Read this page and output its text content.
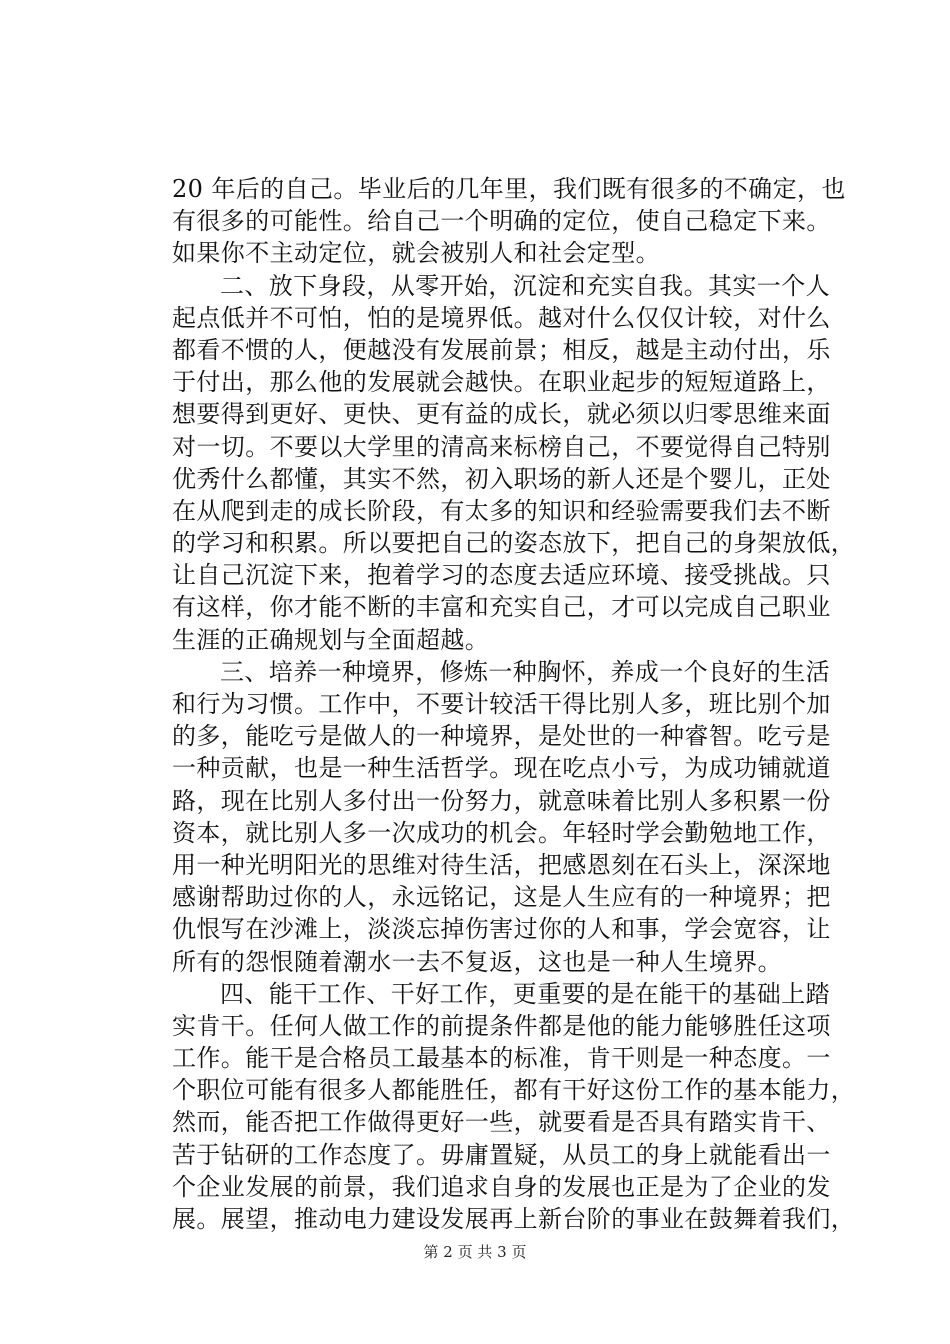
20 年后的自己。毕业后的几年里，我们既有很多的不确定，也
有很多的可能性。给自己一个明确的定位，使自己稳定下来。
如果你不主动定位，就会被别人和社会定型。
二、放下身段，从零开始，沉淀和充实自我。其实一个人
起点低并不可怕，怕的是境界低。越对什么仅仅计较，对什么
都看不惯的人，便越没有发展前景；相反，越是主动付出，乐
于付出，那么他的发展就会越快。在职业起步的短短道路上，
想要得到更好、更快、更有益的成长，就必须以归零思维来面
对一切。不要以大学里的清高来标榜自己，不要觉得自己特别
优秀什么都懂，其实不然，初入职场的新人还是个婴儿，正处
在从爬到走的成长阶段，有太多的知识和经验需要我们去不断
的学习和积累。所以要把自己的姿态放下，把自己的身架放低，
让自己沉淀下来，抱着学习的态度去适应环境、接受挑战。只
有这样，你才能不断的丰富和充实自己，才可以完成自己职业
生涯的正确规划与全面超越。
三、培养一种境界，修炼一种胸怀，养成一个良好的生活
和行为习惯。工作中，不要计较活干得比别人多，班比别个加
的多，能吃亏是做人的一种境界，是处世的一种睿智。吃亏是
一种贡献，也是一种生活哲学。现在吃点小亏，为成功铺就道
路，现在比别人多付出一份努力，就意味着比别人多积累一份
资本，就比别人多一次成功的机会。年轻时学会勤勉地工作，
用一种光明阳光的思维对待生活，把感恩刻在石头上，深深地
感谢帮助过你的人，永远铭记，这是人生应有的一种境界；把
仇恨写在沙滩上，淡淡忘掉伤害过你的人和事，学会宽容，让
所有的怨恨随着潮水一去不复返，这也是一种人生境界。
四、能干工作、干好工作，更重要的是在能干的基础上踏
实肯干。任何人做工作的前提条件都是他的能力能够胜任这项
工作。能干是合格员工最基本的标准，肯干则是一种态度。一
个职位可能有很多人都能胜任，都有干好这份工作的基本能力，
然而，能否把工作做得更好一些，就要看是否具有踏实肯干、
苦于钻研的工作态度了。毋庸置疑，从员工的身上就能看出一
个企业发展的前景，我们追求自身的发展也正是为了企业的发
展。展望，推动电力建设发展再上新台阶的事业在鼓舞着我们，
第 2 页 共 3 页
